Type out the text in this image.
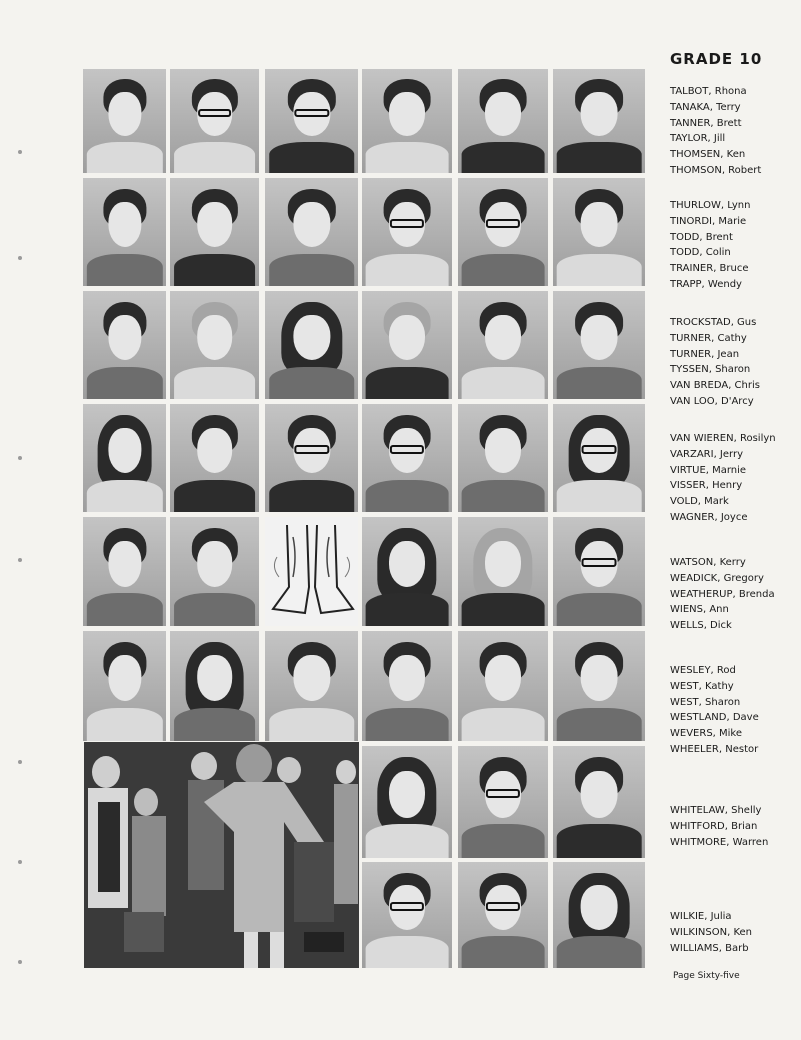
GRADE 10
TALBOT, Rhona
TANAKA, Terry
TANNER, Brett
TAYLOR, Jill
THOMSEN, Ken
THOMSON, Robert
THURLOW, Lynn
TINORDI, Marie
TODD, Brent
TODD, Colin
TRAINER, Bruce
TRAPP, Wendy
TROCKSTAD, Gus
TURNER, Cathy
TURNER, Jean
TYSSEN, Sharon
VAN BREDA, Chris
VAN LOO, D'Arcy
VAN WIEREN, Rosilyn
VARZARI, Jerry
VIRTUE, Marnie
VISSER, Henry
VOLD, Mark
WAGNER, Joyce
WATSON, Kerry
WEADICK, Gregory
WEATHERUP, Brenda
WIENS, Ann
WELLS, Dick
WESLEY, Rod
WEST, Kathy
WEST, Sharon
WESTLAND, Dave
WEVERS, Mike
WHEELER, Nestor
WHITELAW, Shelly
WHITFORD, Brian
WHITMORE, Warren
WILKIE, Julia
WILKINSON, Ken
WILLIAMS, Barb
Page Sixty-five
